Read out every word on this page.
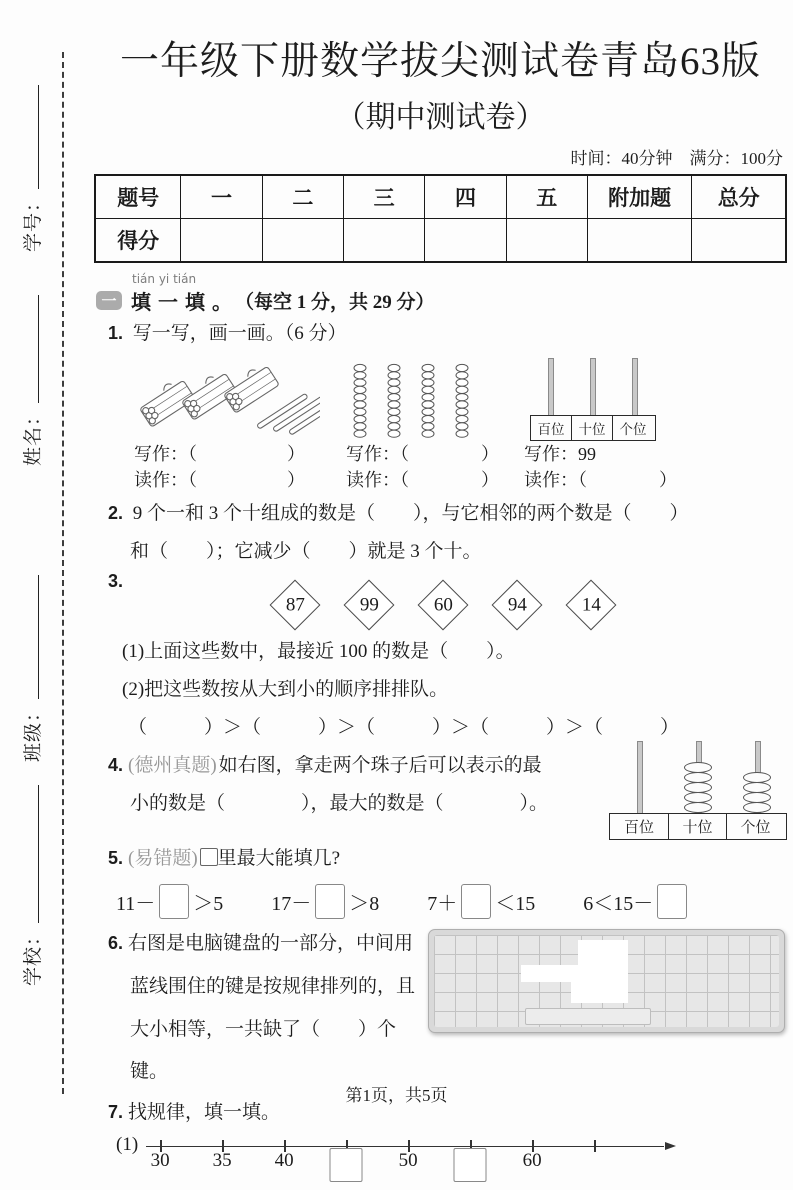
学号：
姓名：
班级：
学校：
一年级下册数学拔尖测试卷青岛63版
（期中测试卷）
时间：40分钟　满分：100分
题号	一	二	三	四	五	附加题	总分
得分							
tián yi tián
一 填 一 填 。 （每空 1 分，共 29 分）

1. 写一写，画一画。（6 分）

写作：（　　　　　）
读作：（　　　　　）
写作：（　　　　）
读作：（　　　　）
百位	十位	个位
写作：99
读作：（　　　　）

2. 9 个一和 3 个十组成的数是（　　），与它相邻的两个数是（　　）

和（　　）；它减少（　　）就是 3 个十。

3.
87	99	60	94	14

(1)上面这些数中，最接近 100 的数是（　　）。

(2)把这些数按从大到小的顺序排排队。

（　　　）＞（　　　）＞（　　　）＞（　　　）＞（　　　）

4. (德州真题) 如右图，拿走两个珠子后可以表示的最

小的数是（　　　　），最大的数是（　　　　）。

百位	十位	个位

5. (易错题) 里最大能填几?

11－ ＞5 17－ ＞8 7＋ ＜15 6＜15－

6. 右图是电脑键盘的一部分，中间用

蓝线围住的键是按规律排列的，且

大小相等，一共缺了（　　）个键。

7. 找规律，填一填。

(1)
30 35 40	50	60
第1页，共5页
